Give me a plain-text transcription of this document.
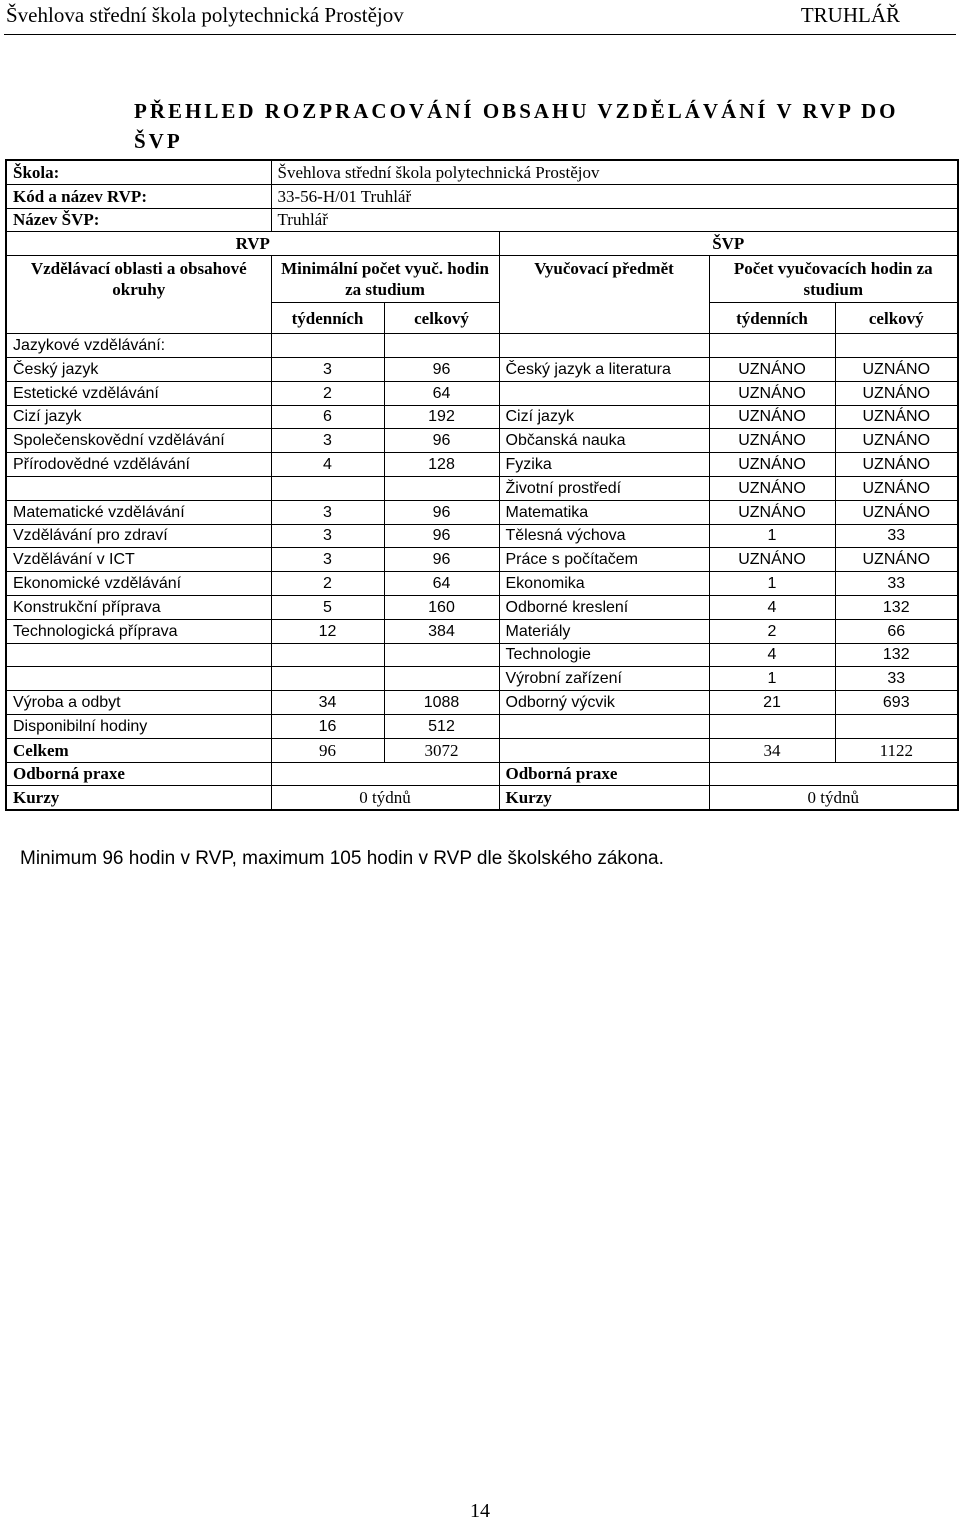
Švehlova střední škola polytechnická Prostějov	TRUHLÁŘ
PŘEHLED ROZPRACOVÁNÍ OBSAHU VZDĚLÁVÁNÍ V RVP DO ŠVP
Škola:	Švehlova střední škola polytechnická Prostějov				
Kód a název RVP:	33-56-H/01 Truhlář				
Název ŠVP:	Truhlář				
RVP			ŠVP		
Vzdělávací oblasti a obsahové okruhy	Minimální počet vyuč. hodin za studium		Vyučovací předmět	Počet vyučovacích hodin za studium	
	týdenních	celkový		týdenních	celkový
Jazykové vzdělávání:					
Český jazyk	3	96	Český jazyk a literatura	UZNÁNO	UZNÁNO
Estetické vzdělávání	2	64		UZNÁNO	UZNÁNO
Cizí jazyk	6	192	Cizí jazyk	UZNÁNO	UZNÁNO
Společenskovědní vzdělávání	3	96	Občanská nauka	UZNÁNO	UZNÁNO
Přírodovědné vzdělávání	4	128	Fyzika	UZNÁNO	UZNÁNO
			Životní prostředí	UZNÁNO	UZNÁNO
Matematické vzdělávání	3	96	Matematika	UZNÁNO	UZNÁNO
Vzdělávání pro zdraví	3	96	Tělesná výchova	1	33
Vzdělávání v ICT	3	96	Práce s počítačem	UZNÁNO	UZNÁNO
Ekonomické vzdělávání	2	64	Ekonomika	1	33
Konstrukční příprava	5	160	Odborné kreslení	4	132
Technologická příprava	12	384	Materiály	2	66
			Technologie	4	132
			Výrobní zařízení	1	33
Výroba a odbyt	34	1088	Odborný výcvik	21	693
Disponibilní hodiny	16	512			
Celkem	96	3072		34	1122
Odborná praxe			Odborná praxe		
Kurzy	0 týdnů		Kurzy	0 týdnů	
Minimum 96 hodin v RVP, maximum 105 hodin v RVP dle školského zákona.
14
